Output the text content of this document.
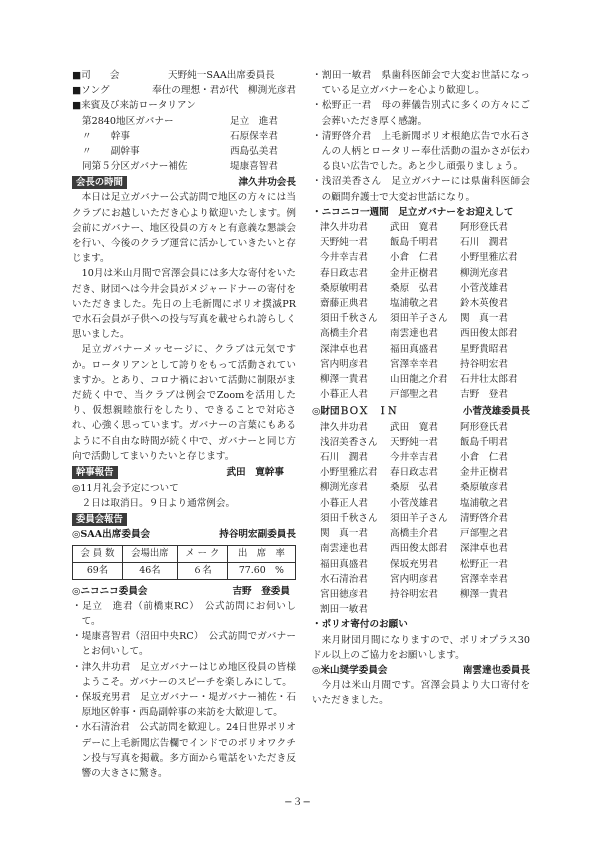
■司　　会	天野純一SAA出席委員長
■ソング	奉仕の理想・君が代　柳渕光彦君
■来賓及び来訪ロータリアン
第2840地区ガバナー	足立　進君
〃　　幹事	石原保幸君
〃　　副幹事	西島弘美君
同第５分区ガバナー補佐	堤康喜智君
会長の時間	津久井功会長
本日は足立ガバナー公式訪問で地区の方々には当クラブにお越しいただき心より歓迎いたします。例会前にガバナー、地区役員の方々と有意義な懇談会を行い、今後のクラブ運営に活かしていきたいと存じます。
10月は米山月間で宮澤会員には多大な寄付をいただき、財団へは今井会員がメジャードナーの寄付をいただきました。先日の上毛新聞にポリオ撲滅PRで水石会員が子供への投与写真を載せられ誇らしく思いました。
足立ガバナーメッセージに、クラブは元気ですか。ロータリアンとして誇りをもって活動されていますか。とあり、コロナ禍において活動に制限がまだ続く中で、当クラブは例会でZoomを活用したり、仮想親睦旅行をしたり、できることで対応され、心強く思っています。ガバナーの言葉にもあるように不自由な時間が続く中で、ガバナーと同じ方向で活動してまいりたいと存じます。
幹事報告	武田　寛幹事
◎11月礼会予定について
　２日は取消日。９日より通常例会。
委員会報告
◎SAA出席委員会	持谷明宏副委員長
会 員 数	会場出席	メ ー ク	出　席　率
69名	46名	６名	77.60　%
◎ニコニコ委員会	吉野　登委員
・足立　進君（前橋東RC）　公式訪問にお伺いして。
・堤康喜智君（沼田中央RC）　公式訪問でガバナーとお伺いして。
・津久井功君　足立ガバナーはじめ地区役員の皆様ようこそ。ガバナーのスピーチを楽しみにして。
・保坂充男君　足立ガバナー・堤ガバナー補佐・石原地区幹事・西島副幹事の来訪を大歓迎して。
・水石清治君　公式訪問を歓迎し。24日世界ポリオデーに上毛新聞広告欄でインドでのポリオワクチン投与写真を掲載。多方面から電話をいただき反響の大きさに驚き。
・割田一敏君　県歯科医師会で大変お世話になっている足立ガバナーを心より歓迎し。
・松野正一君　母の葬儀告別式に多くの方々にご会葬いただき厚く感謝。
・清野啓介君　上毛新聞ポリオ根絶広告で水石さんの人柄とロータリー奉仕活動の温かさが伝わる良い広告でした。あと少し頑張りましょう。
・浅沼美香さん　足立ガバナーには県歯科医師会の顧問弁護士で大変お世話になり。
・ニコニコ一週間　足立ガバナーをお迎えして
津久井功君	武田　寛君	阿形登氏君
天野純一君	飯島千明君	石川　潤君
今井幸吉君	小倉　仁君	小野里雅広君
春日政志君	金井正樹君	柳渕光彦君
桑原敏明君	桑原　弘君	小菅茂雄君
齋藤正典君	塩浦敬之君	鈴木英俊君
須田千秋さん	須田羊子さん	関　真一君
高橋圭介君	南雲達也君	西田俊太郎君
深津卓也君	福田真盛君	星野貴昭君
宮内明彦君	宮澤幸幸君	持谷明宏君
柳澤一貴君	山田龍之介君	石井壮太郎君
小暮正人君	戸部聖之君	吉野　登君
◎財団ＢＯＸ　ＩＮ	小菅茂雄委員長
津久井功君	武田　寛君	阿形登氏君
浅沼美香さん	天野純一君	飯島千明君
石川　潤君	今井幸吉君	小倉　仁君
小野里雅広君	春日政志君	金井正樹君
柳渕光彦君	桑原　弘君	桑原敏彦君
小暮正人君	小菅茂雄君	塩浦敬之君
須田千秋さん	須田羊子さん	清野啓介君
関　真一君	高橋圭介君	戸部聖之君
南雲達也君	西田俊太郎君	深津卓也君
福田真盛君	保坂充男君	松野正一君
水石清治君	宮内明彦君	宮澤幸幸君
宮田徳彦君	持谷明宏君	柳澤一貴君
割田一敏君
・ポリオ寄付のお願い
来月財団月間になりますので、ポリオプラス30ドル以上のご協力をお願いします。
◎米山奨学委員会	南雲達也委員長
今月は米山月間です。宮澤会員より大口寄付をいただきました。
−３−
